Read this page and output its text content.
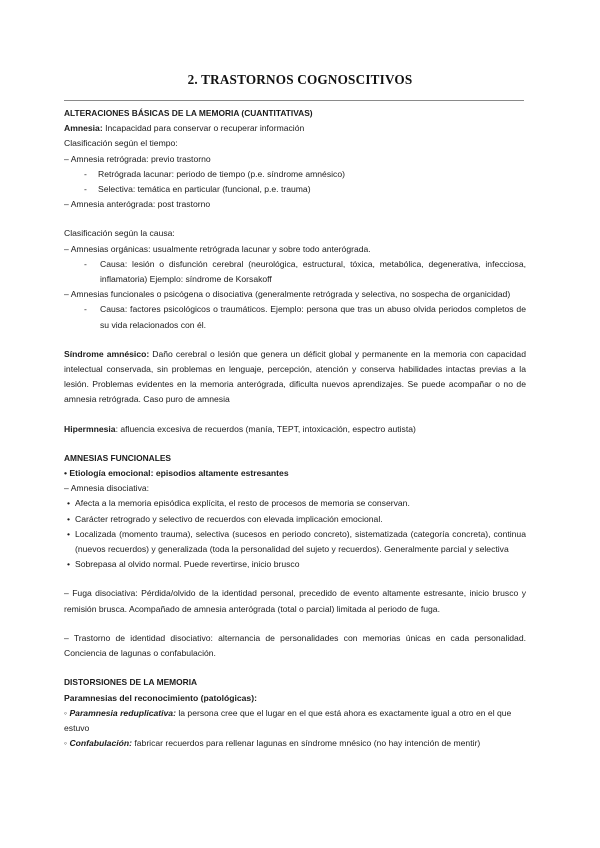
2. TRASTORNOS COGNOSCITIVOS

ALTERACIONES BÁSICAS DE LA MEMORIA (CUANTITATIVAS)

Amnesia: Incapacidad para conservar o recuperar información

Clasificación según el tiempo:

– Amnesia retrógrada: previo trastorno

- Retrógrada lacunar: periodo de tiempo (p.e. síndrome amnésico)

- Selectiva: temática en particular (funcional, p.e. trauma)

– Amnesia anterógrada: post trastorno

Clasificación según la causa:

– Amnesias orgánicas: usualmente retrógrada lacunar y sobre todo anterógrada.

- Causa: lesión o disfunción cerebral (neurológica, estructural, tóxica, metabólica, degenerativa, infecciosa, inflamatoria) Ejemplo: síndrome de Korsakoff

– Amnesias funcionales o psicógena o disociativa (generalmente retrógrada y selectiva, no sospecha de organicidad)

- Causa: factores psicológicos o traumáticos. Ejemplo: persona que tras un abuso olvida periodos completos de su vida relacionados con él.

Síndrome amnésico: Daño cerebral o lesión que genera un déficit global y permanente en la memoria con capacidad intelectual conservada, sin problemas en lenguaje, percepción, atención y conserva habilidades intactas previas a la lesión. Problemas evidentes en la memoria anterógrada, dificulta nuevos aprendizajes. Se puede acompañar o no de amnesia retrógrada. Caso puro de amnesia

Hipermnesia: afluencia excesiva de recuerdos (manía, TEPT, intoxicación, espectro autista)

AMNESIAS FUNCIONALES

• Etiología emocional: episodios altamente estresantes

– Amnesia disociativa:

• Afecta a la memoria episódica explícita, el resto de procesos de memoria se conservan.

• Carácter retrogrado y selectivo de recuerdos con elevada implicación emocional.

• Localizada (momento trauma), selectiva (sucesos en periodo concreto), sistematizada (categoría concreta), continua (nuevos recuerdos) y generalizada (toda la personalidad del sujeto y recuerdos). Generalmente parcial y selectiva

• Sobrepasa al olvido normal. Puede revertirse, inicio brusco

– Fuga disociativa: Pérdida/olvido de la identidad personal, precedido de evento altamente estresante, inicio brusco y remisión brusca. Acompañado de amnesia anterógrada (total o parcial) limitada al periodo de fuga.

– Trastorno de identidad disociativo: alternancia de personalidades con memorias únicas en cada personalidad. Conciencia de lagunas o confabulación.

DISTORSIONES DE LA MEMORIA

Paramnesias del reconocimiento (patológicas):

◦ Paramnesia reduplicativa: la persona cree que el lugar en el que está ahora es exactamente igual a otro en el que estuvo

◦ Confabulación: fabricar recuerdos para rellenar lagunas en síndrome mnésico (no hay intención de mentir)
